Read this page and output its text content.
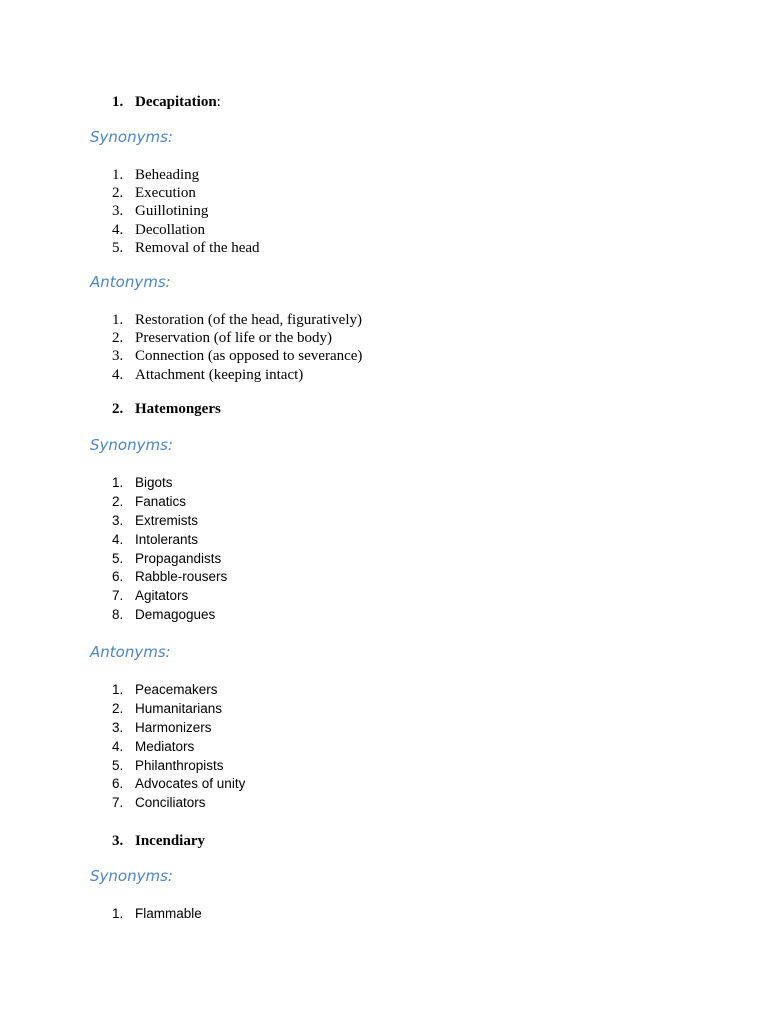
1. Decapitation:
Synonyms:
1. Beheading
2. Execution
3. Guillotining
4. Decollation
5. Removal of the head
Antonyms:
1. Restoration (of the head, figuratively)
2. Preservation (of life or the body)
3. Connection (as opposed to severance)
4. Attachment (keeping intact)
2. Hatemongers
Synonyms:
1. Bigots
2. Fanatics
3. Extremists
4. Intolerants
5. Propagandists
6. Rabble-rousers
7. Agitators
8. Demagogues
Antonyms:
1. Peacemakers
2. Humanitarians
3. Harmonizers
4. Mediators
5. Philanthropists
6. Advocates of unity
7. Conciliators
3. Incendiary
Synonyms:
1. Flammable
